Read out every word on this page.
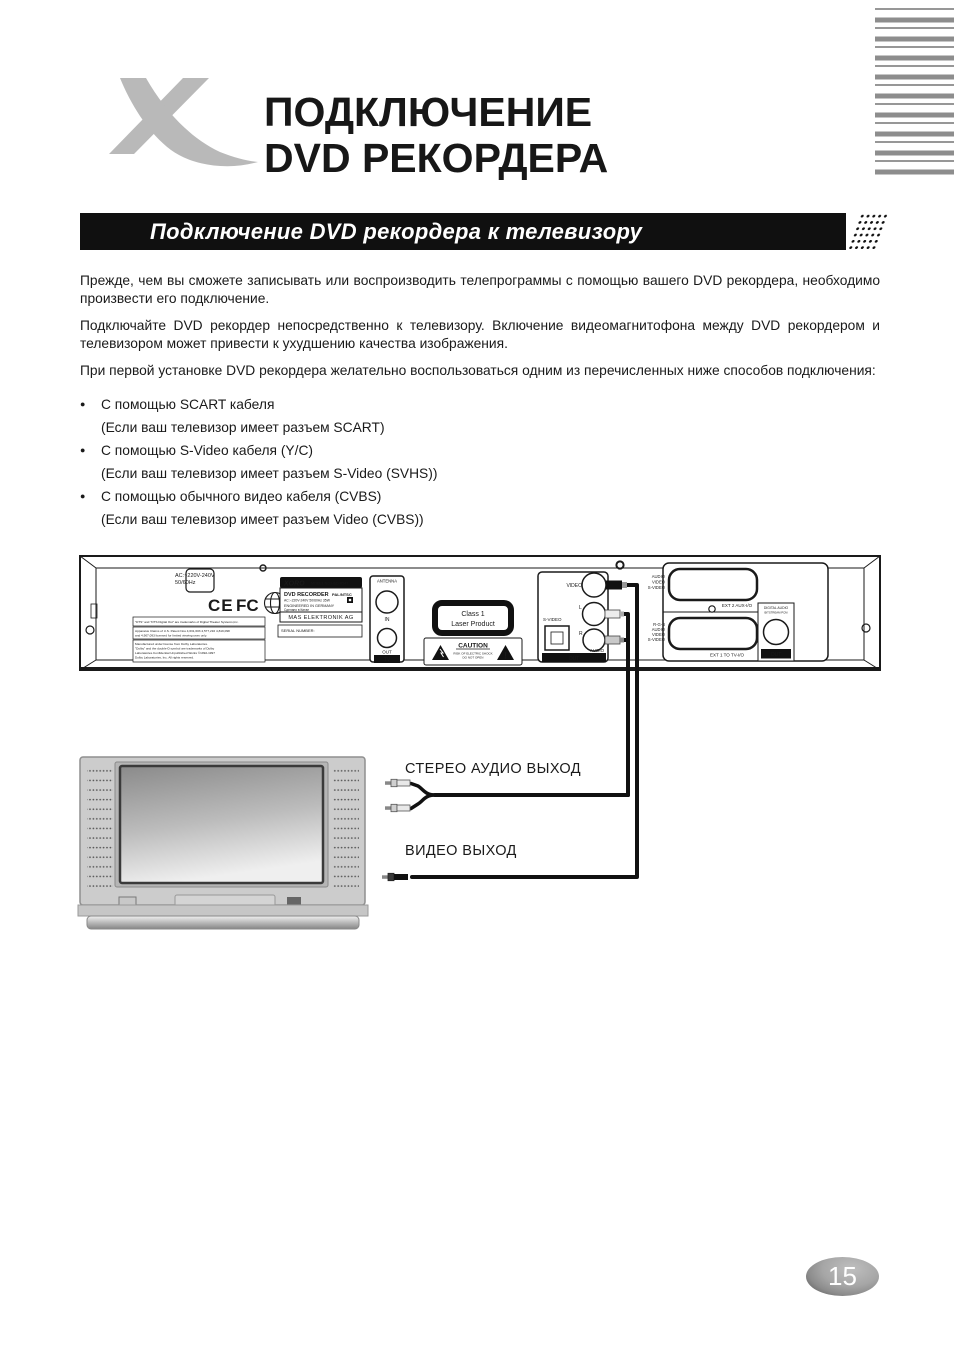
ПОДКЛЮЧЕНИЕ
DVD РЕКОРДЕРА
Подключение DVD рекордера к телевизору

Прежде, чем вы сможете записывать или воспроизводить телепрограммы с помощью вашего DVD рекордера, необходимо произвести его подключение.

Подключайте DVD рекордер непосредственно к телевизору. Включение видеомагнитофона между DVD рекордером и телевизором может привести к ухудшению качества изображения.

При первой установке DVD рекордера желательно воспользоваться одним из перечисленных ниже способов подключения:

●	С помощью SCART кабеля
(Если ваш телевизор имеет разъем SCART)
●	С помощью S-Video кабеля (Y/C)
(Если ваш телевизор имеет разъем S-Video (SVHS))
●	С помощью обычного видео кабеля (CVBS)
(Если ваш телевизор имеет разъем Video (CVBS))
AC:~220V-240V
50/60Hz
CE FC
"DTS" and "DTS Digital Out" are trademarks of Digital Theater Systems,Inc.
Apparatus Claims of U.S. Patent Nos 4,631,603 4,577,216 4,819,098
and 4,907,093 licensed for limited viewing uses only.
Manufactured under license from Dolby Laboratories.
"Dolby" and the double-D symbol are trademarks of Dolby
Laboratories.Confidential Unpublished Works ©1992-1997
Dolby Laboratories, Inc. All rights reserved.
XORO MODEL NO:HSD R547
DVD RECORDER PAL/NTSC
AC:~220V-240V 50/60Hz 35W
ENGINEERED IN GERMANY
Сделано в Китае
MAS ELEKTRONIK AG
SERIAL NUMBER:
ANTENNA
IN
OUT
TV
Class 1
Laser Product
CAUTION
RISK OF ELECTRIC SHOCK
DO NOT OPEN !
VIDEO
L
R
S-VIDEO
AUDIO
OUT
AUDIO
VIDEO
S-VIDEO
EXT 2 AUX-I/O
R-G-B
AUDIO
VIDEO
S-VIDEO
EXT 1 TO TV-I/O
DIGITAL AUDIO
BITSTREAM PCM
OUT
СТЕРЕО АУДИО ВЫХОД
ВИДЕО ВЫХОД
15
